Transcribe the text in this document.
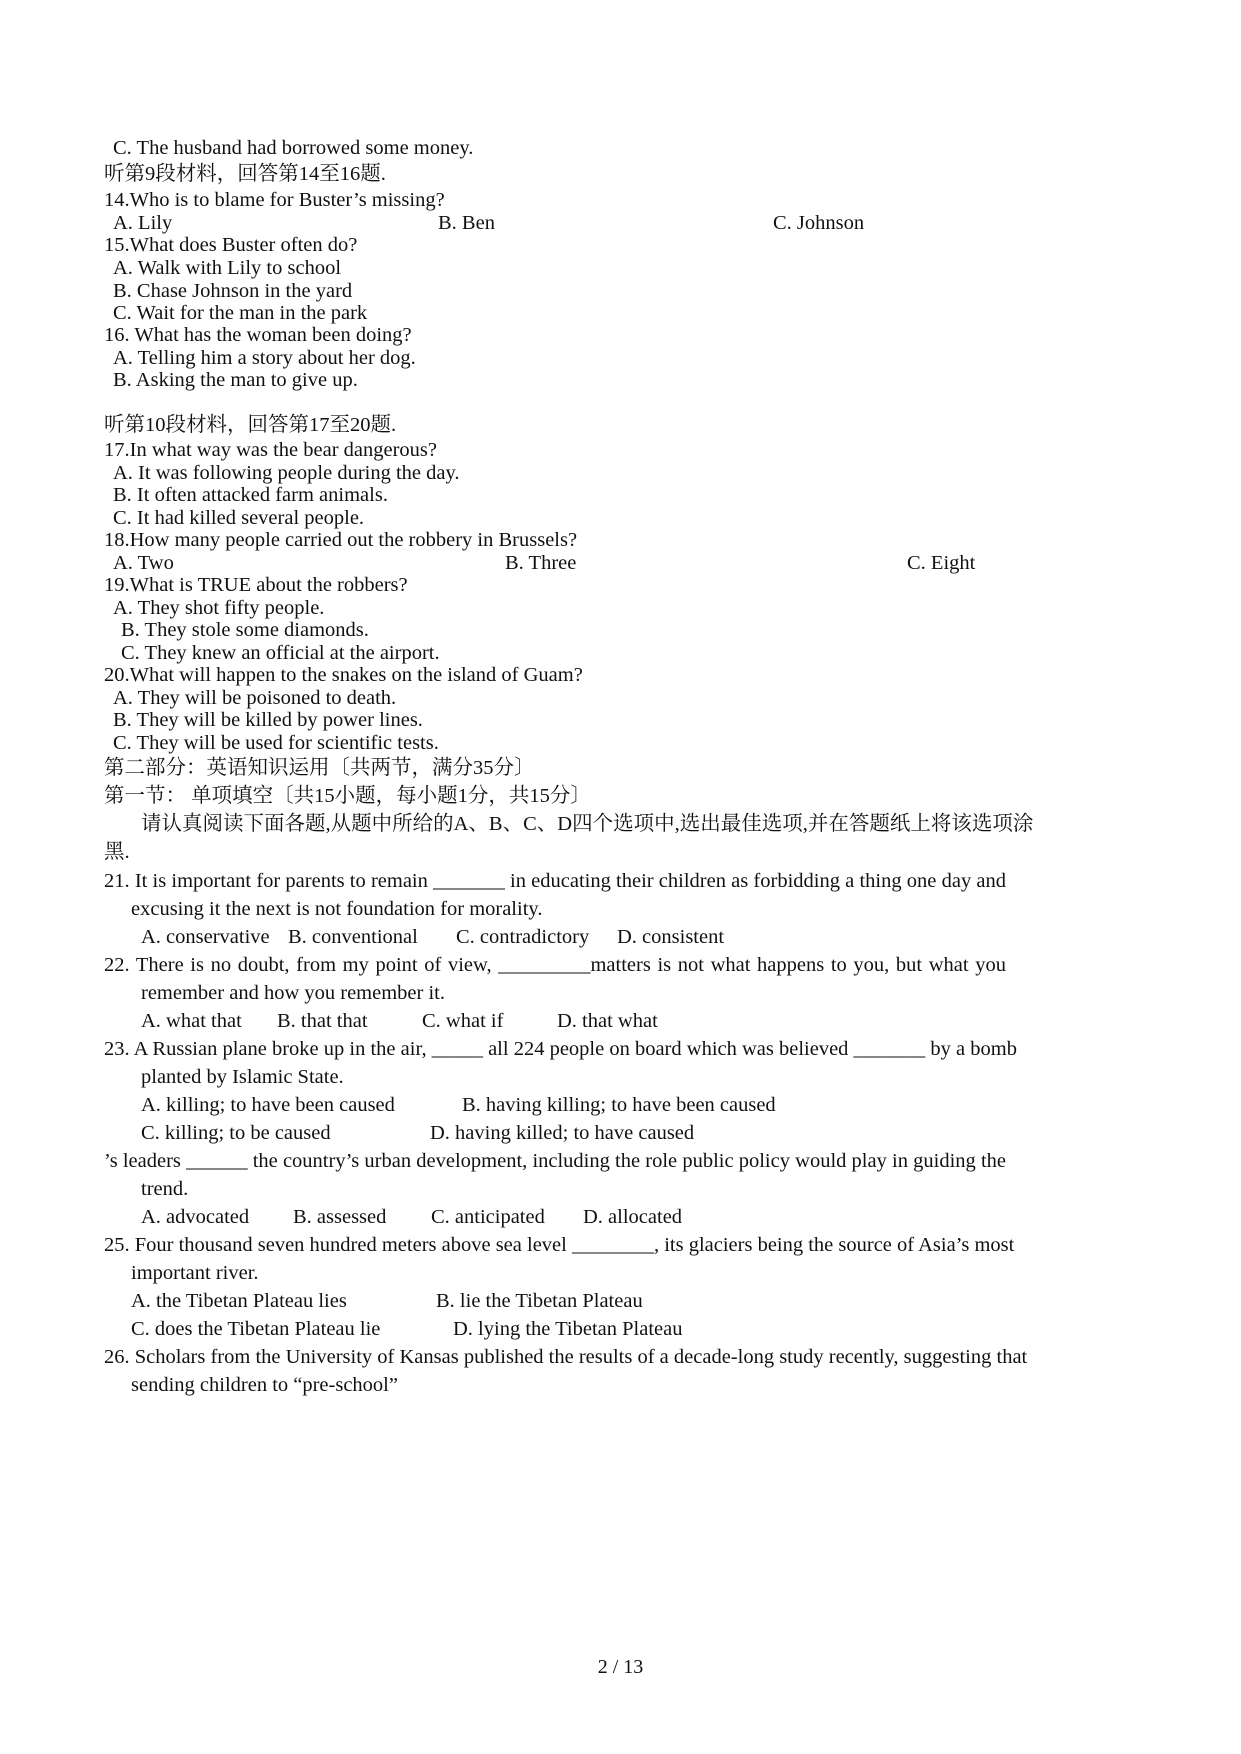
C. The husband had borrowed some money.
听第9段材料，回答第14至16题.
14.Who is to blame for Buster’s missing?
A. Lily	B. Ben	C. Johnson
15.What does Buster often do?
A. Walk with Lily to school
B. Chase Johnson in the yard
C. Wait for the man in the park
16. What has the woman been doing?
A. Telling him a story about her dog.
B. Asking the man to give up.
听第10段材料，回答第17至20题.
17.In what way was the bear dangerous?
A. It was following people during the day.
B. It often attacked farm animals.
C. It had killed several people.
18.How many people carried out the robbery in Brussels?
A. Two	B. Three	C. Eight
19.What is TRUE about the robbers?
A. They shot fifty people.
B. They stole some diamonds.
C. They knew an official at the airport.
20.What will happen to the snakes on the island of Guam?
A. They will be poisoned to death.
B. They will be killed by power lines.
C. They will be used for scientific tests.
第二部分：英语知识运用〔共两节，满分35分〕
第一节： 单项填空〔共15小题，每小题1分，共15分〕
请认真阅读下面各题,从题中所给的A、B、C、D四个选项中,选出最佳选项,并在答题纸上将该选项涂
黑.
21. It is important for parents to remain _______ in educating their children as forbidding a thing one day and
excusing it the next is not foundation for morality.
A. conservative B. conventional C. contradictory D. consistent
22. There is no doubt, from my point of view, _________matters is not what happens to you, but what you
remember and how you remember it.
A. what that B. that that	C. what if	D. that what
23. A Russian plane broke up in the air, _____ all 224 people on board which was believed _______ by a bomb
planted by Islamic State.
A. killing; to have been caused	B. having killing; to have been caused
C. killing; to be caused	D. having killed; to have caused
’s leaders ______ the country’s urban development, including the role public policy would play in guiding the
trend.
A. advocated B. assessed C. anticipated D. allocated
25. Four thousand seven hundred meters above sea level ________, its glaciers being the source of Asia’s most
important river.
A. the Tibetan Plateau lies	B. lie the Tibetan Plateau
C. does the Tibetan Plateau lie	D. lying the Tibetan Plateau
26. Scholars from the University of Kansas published the results of a decade-long study recently, suggesting that
sending children to “pre-school”
2 / 13
